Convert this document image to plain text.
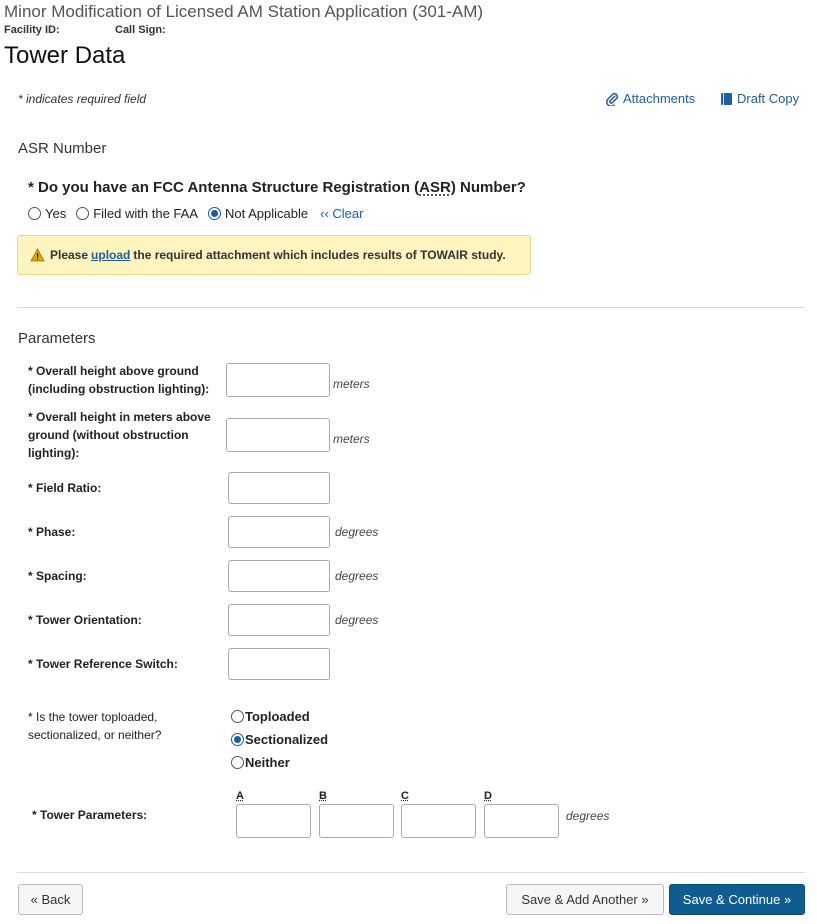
Minor Modification of Licensed AM Station Application (301-AM)
Facility ID:	Call Sign:
Tower Data
* indicates required field	Attachments	Draft Copy
ASR Number
* Do you have an FCC Antenna Structure Registration (ASR) Number?
Yes Filed with the FAA Not Applicable ‹‹ Clear
Please upload the required attachment which includes results of TOWAIR study.
Parameters
* Overall height above ground (including obstruction lighting):	meters
* Overall height in meters above ground (without obstruction lighting):
meters
* Field Ratio:
* Phase:	degrees
* Spacing:	degrees
* Tower Orientation:	degrees
* Tower Reference Switch:
* Is the tower toploaded, sectionalized, or neither?
Toploaded
Sectionalized
Neither
* Tower Parameters:
A	B	C	D
degrees
« Back	Save & Add Another »	Save & Continue »
